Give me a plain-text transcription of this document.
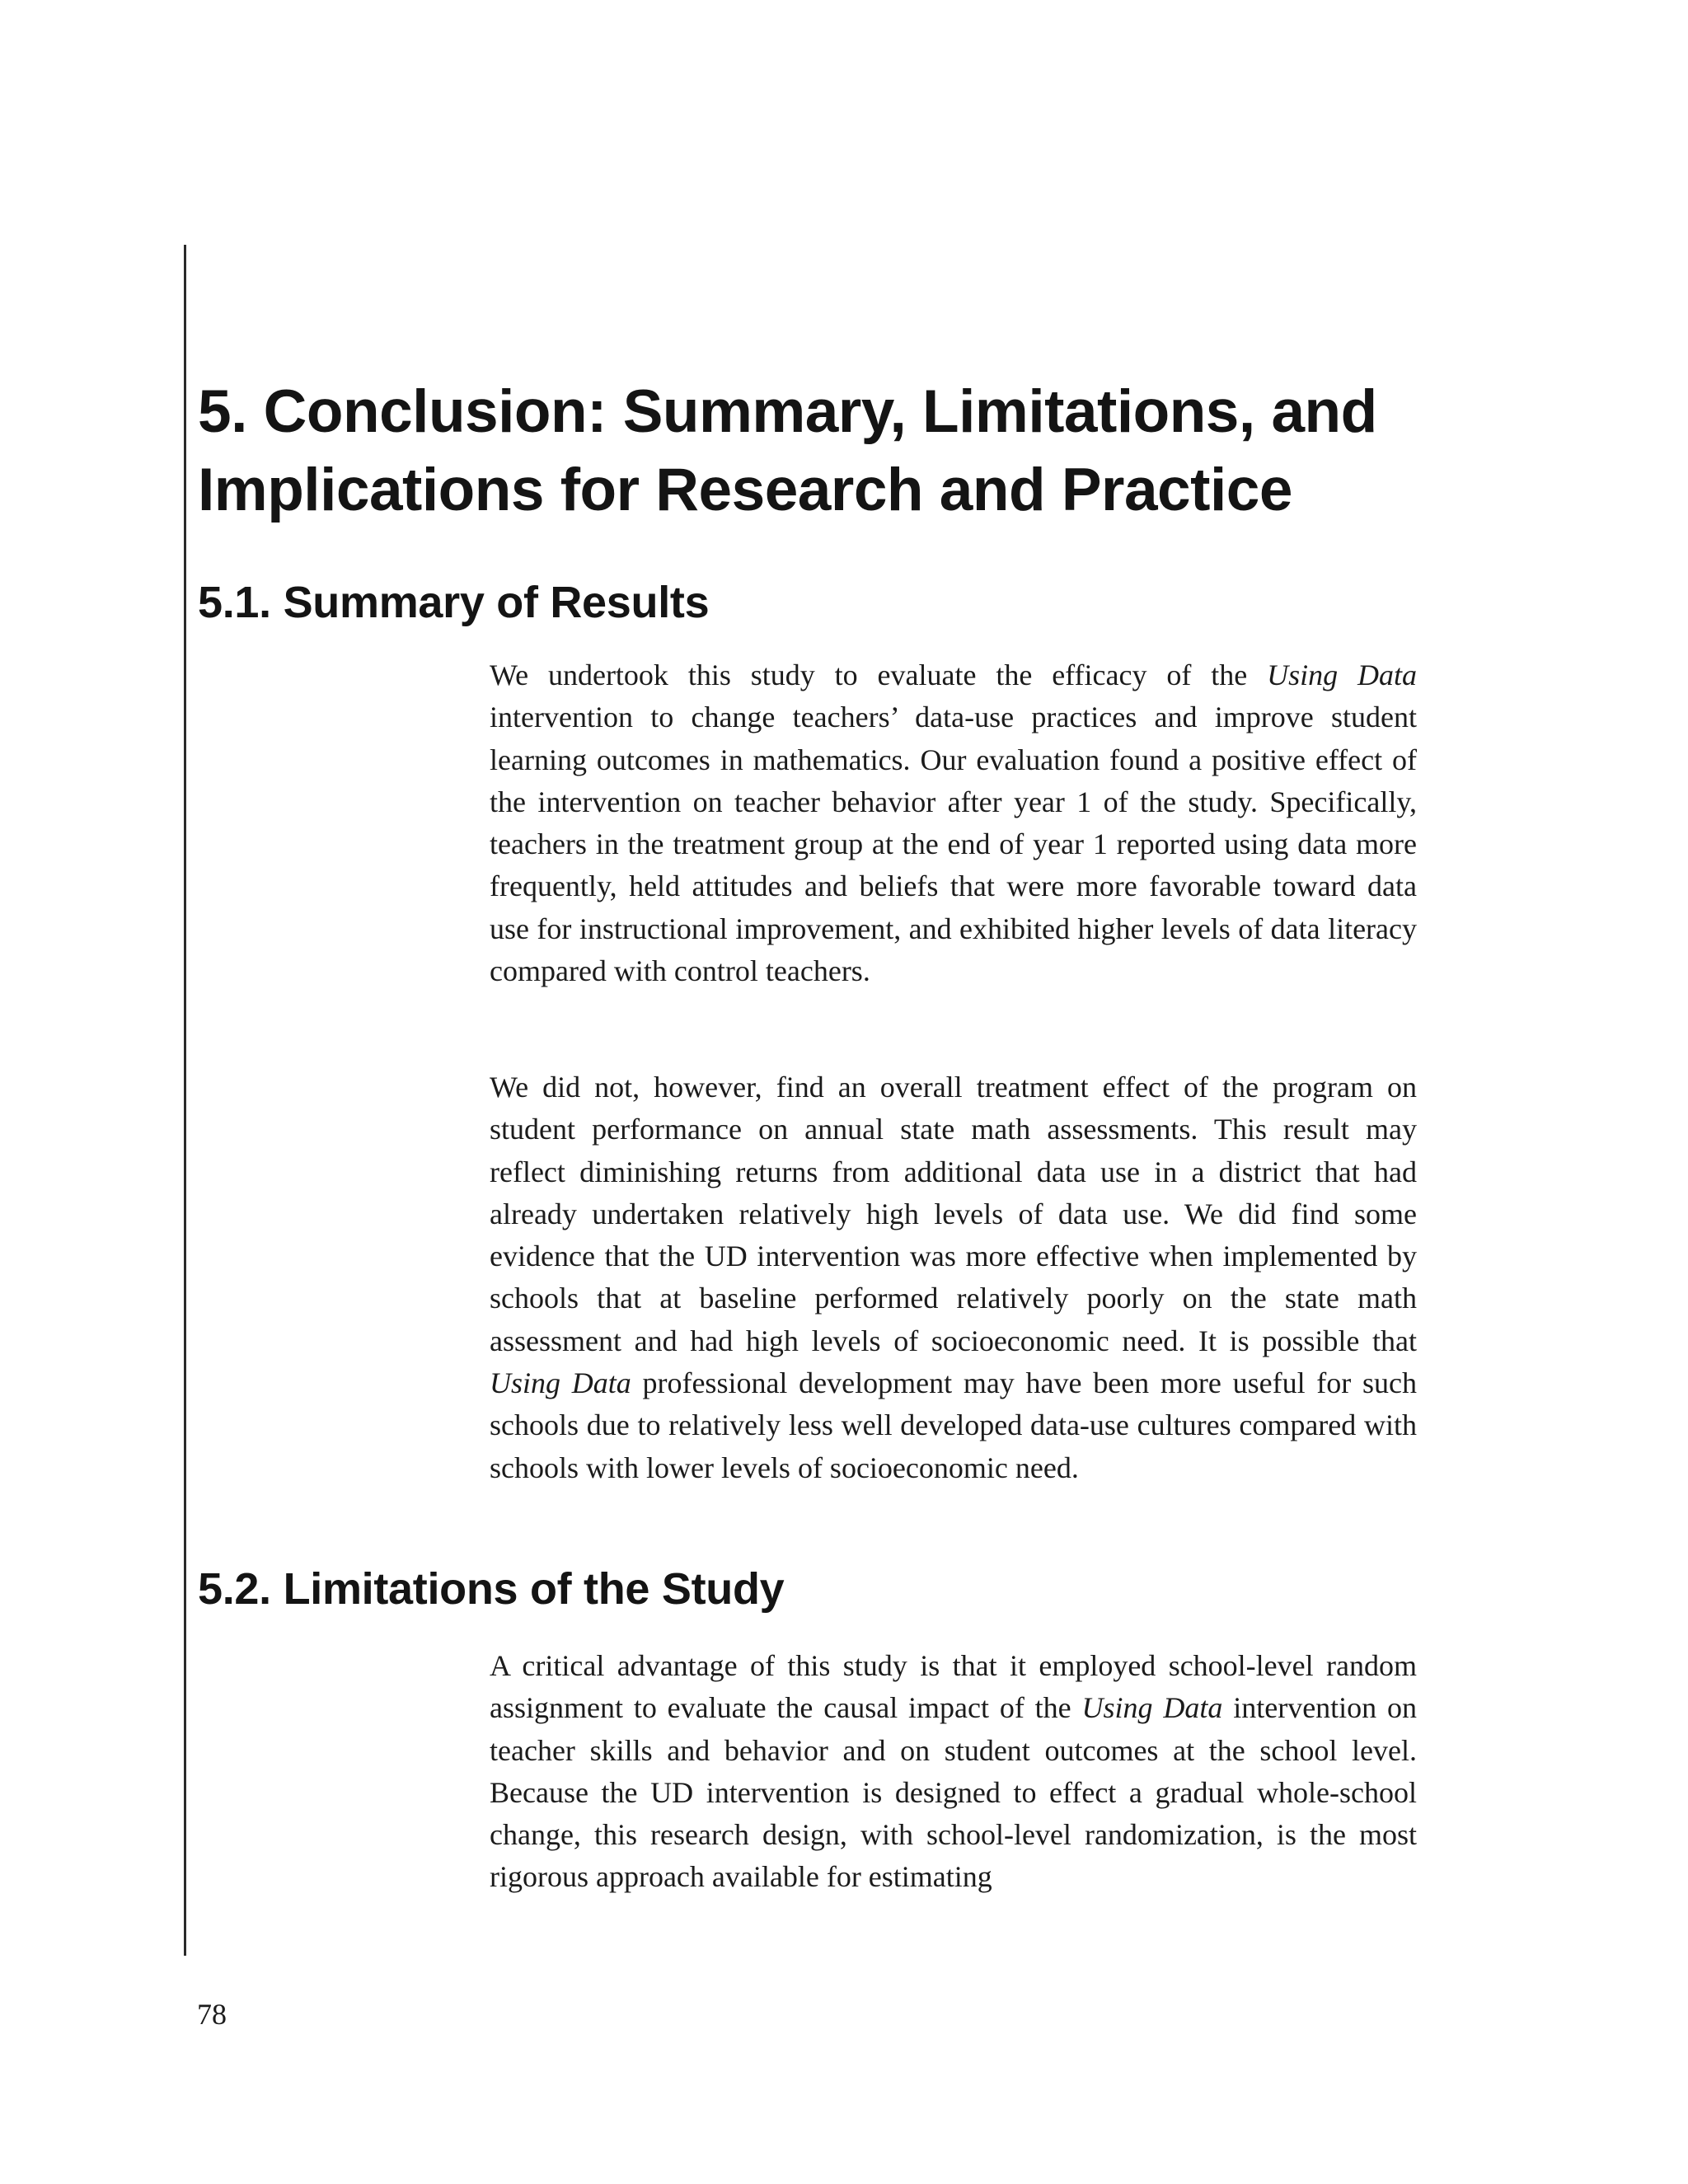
5. Conclusion: Summary, Limitations, and
Implications for Research and Practice
5.1. Summary of Results

We undertook this study to evaluate the efficacy of the Using Data intervention to change teachers’ data-use practices and improve student learning outcomes in mathematics. Our evaluation found a positive effect of the intervention on teacher behavior after year 1 of the study. Specifically, teachers in the treatment group at the end of year 1 reported using data more frequently, held attitudes and beliefs that were more favorable toward data use for instructional improvement, and exhibited higher levels of data literacy compared with control teachers.

We did not, however, find an overall treatment effect of the program on student performance on annual state math assessments. This result may reflect diminishing returns from additional data use in a district that had already undertaken relatively high levels of data use. We did find some evidence that the UD intervention was more effective when implemented by schools that at baseline performed relatively poorly on the state math assessment and had high levels of socioeconomic need. It is possible that Using Data professional development may have been more useful for such schools due to relatively less well developed data-use cultures compared with schools with lower levels of socioeconomic need.

5.2. Limitations of the Study

A critical advantage of this study is that it employed school-level random assignment to evaluate the causal impact of the Using Data intervention on teacher skills and behavior and on student outcomes at the school level. Because the UD intervention is designed to effect a gradual whole-school change, this research design, with school-level randomization, is the most rigorous approach available for estimating

78
